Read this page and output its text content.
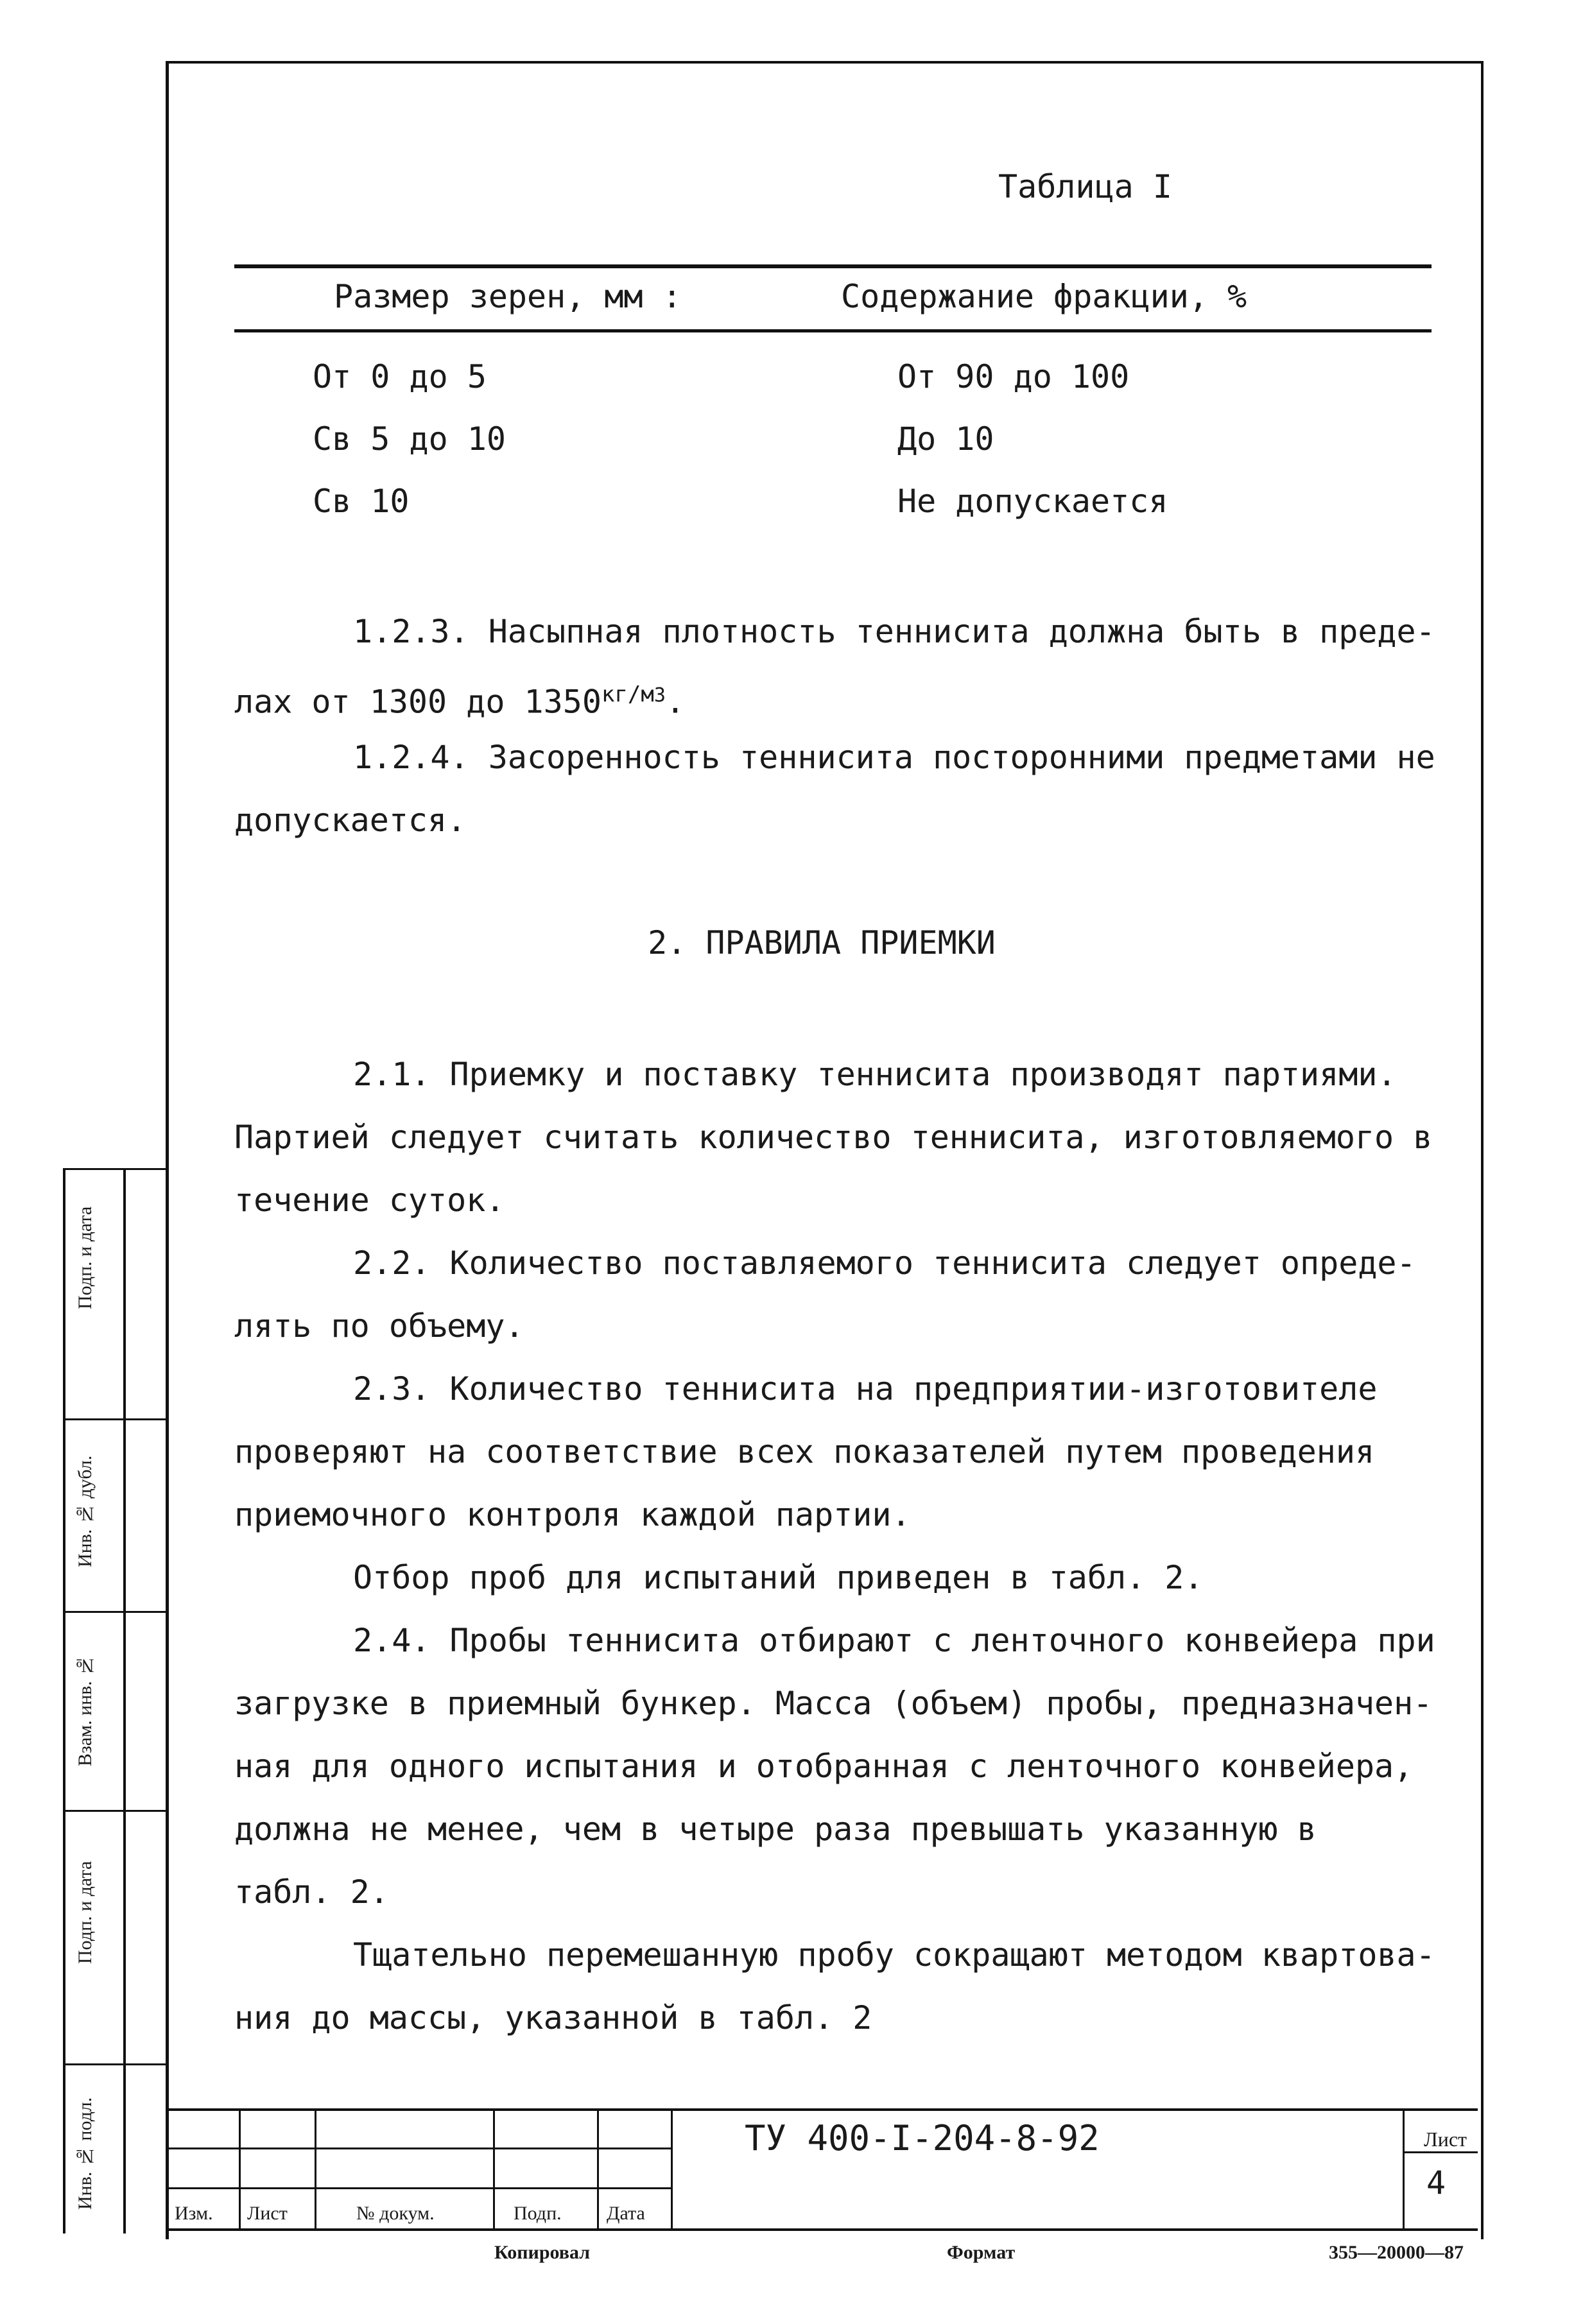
Таблица I
Размер зерен, мм :	Содержание фракции, %
От 0 до 5	От 90 до 100
Св 5 до 10	До 10
Св 10	Не допускается

1.2.3. Насыпная плотность теннисита должна быть в преде-

лах от 1300 до $1350^{кг/м3}$.

1.2.4. Засоренность теннисита посторонними предметами не

допускается.

2. ПРАВИЛА ПРИЕМКИ

2.1. Приемку и поставку теннисита производят партиями.

Партией следует считать количество теннисита, изготовляемого в

течение суток.

2.2. Количество поставляемого теннисита следует опреде-

лять по объему.

2.3. Количество теннисита на предприятии-изготовителе

проверяют на соответствие всех показателей путем проведения

приемочного контроля каждой партии.

Отбор проб для испытаний приведен в табл. 2.

2.4. Пробы теннисита отбирают с ленточного конвейера при

загрузке в приемный бункер. Масса (объем) пробы, предназначен-

ная для одного испытания и отобранная с ленточного конвейера,

должна не менее, чем в четыре раза превышать указанную в

табл. 2.

Тщательно перемешанную пробу сокращают методом квартова-

ния до массы, указанной в табл. 2

Подп. и дата
Инв. № дубл.
Взам. инв. №
Подп. и дата
Инв. № подл.
Изм. Лист	№ докум.	Подп. Дата
ТУ 400-I-204-8-92	Лист
4
Копировал	Формат	355—20000—87
